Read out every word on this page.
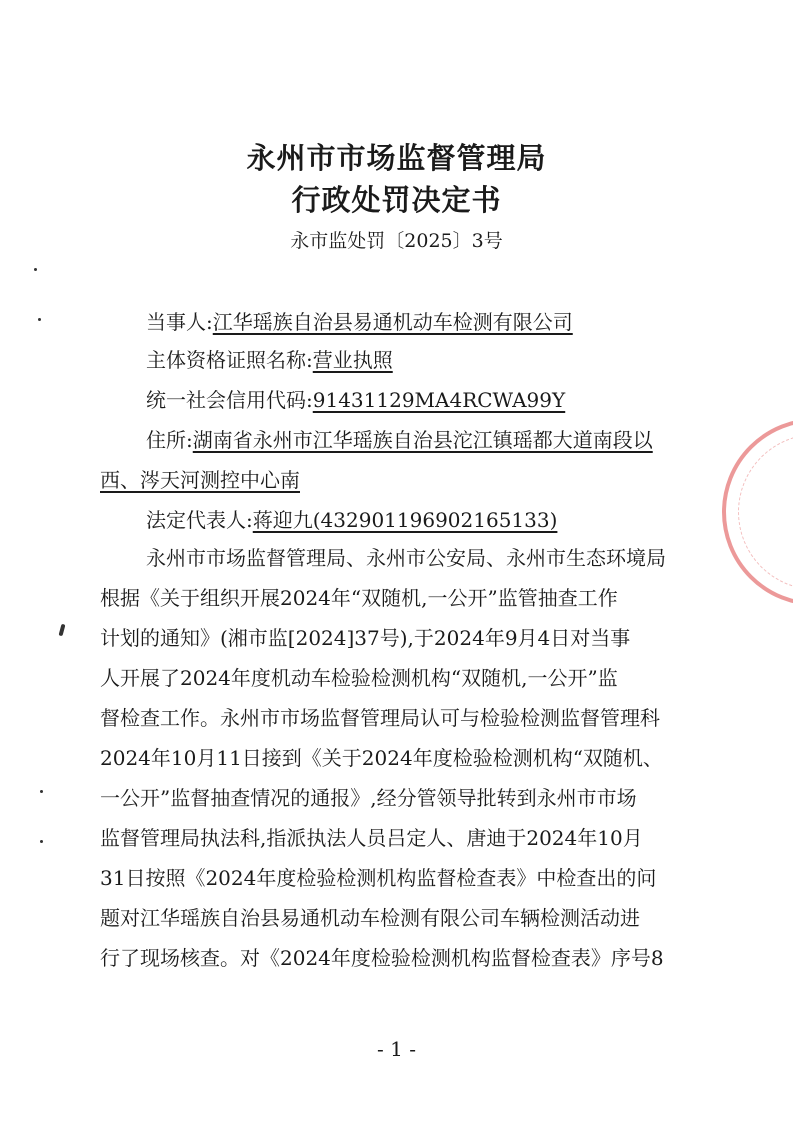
永州市市场监督管理局
行政处罚决定书
永市监处罚〔2025〕3号
当事人:江华瑶族自治县易通机动车检测有限公司
主体资格证照名称:营业执照
统一社会信用代码:91431129MA4RCWA99Y
住所:湖南省永州市江华瑶族自治县沱江镇瑶都大道南段以
西、涔天河测控中心南
法定代表人:蒋迎九(432901196902165133)
永州市市场监督管理局、永州市公安局、永州市生态环境局
根据《关于组织开展2024年“双随机,一公开”监管抽查工作
计划的通知》(湘市监[2024]37号),于2024年9月4日对当事
人开展了2024年度机动车检验检测机构“双随机,一公开”监
督检查工作。永州市市场监督管理局认可与检验检测监督管理科
2024年10月11日接到《关于2024年度检验检测机构“双随机、
一公开”监督抽查情况的通报》,经分管领导批转到永州市市场
监督管理局执法科,指派执法人员吕定人、唐迪于2024年10月
31日按照《2024年度检验检测机构监督检查表》中检查出的问
题对江华瑶族自治县易通机动车检测有限公司车辆检测活动进
行了现场核查。对《2024年度检验检测机构监督检查表》序号8
- 1 -
